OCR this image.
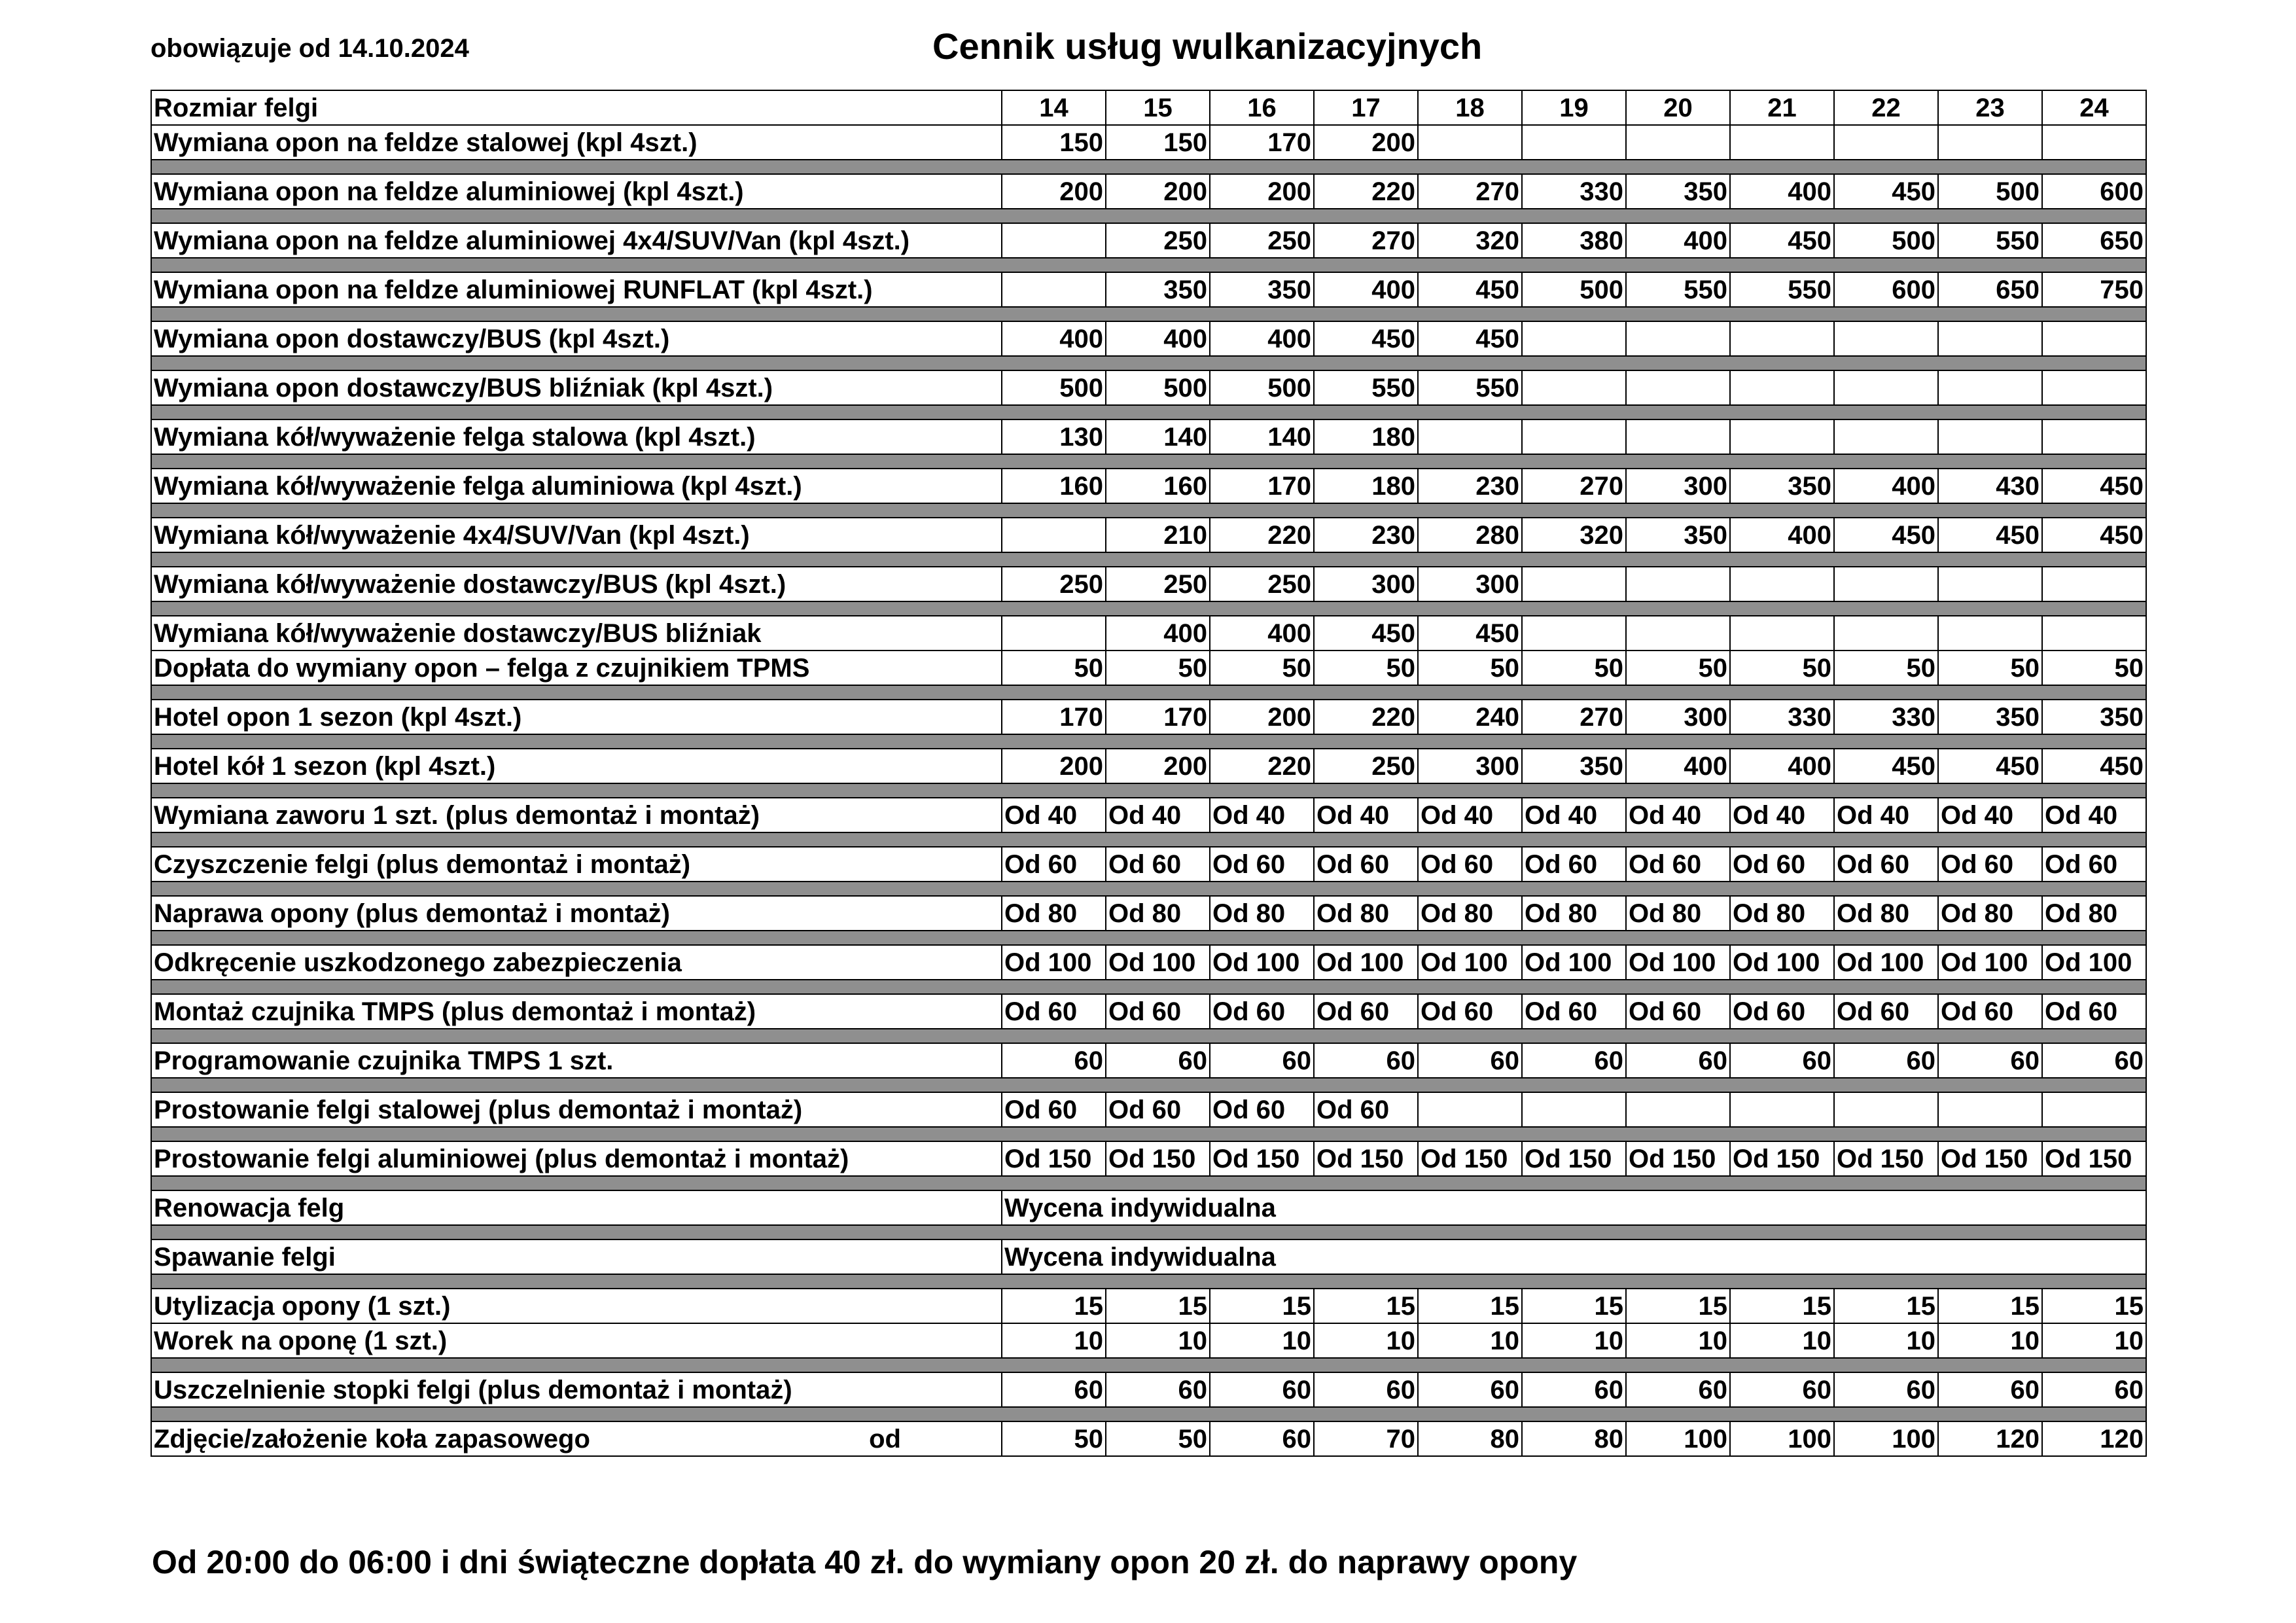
obowiązuje od 14.10.2024	Cennik usług wulkanizacyjnych
Rozmiar felgi	14	15	16	17	18	19	20	21	22	23	24
Wymiana opon na feldze stalowej (kpl 4szt.)	150	150	170	200							

Wymiana opon na feldze aluminiowej (kpl 4szt.)	200	200	200	220	270	330	350	400	450	500	600

Wymiana opon na feldze aluminiowej 4x4/SUV/Van (kpl 4szt.)		250	250	270	320	380	400	450	500	550	650

Wymiana opon na feldze aluminiowej RUNFLAT (kpl 4szt.)		350	350	400	450	500	550	550	600	650	750

Wymiana opon dostawczy/BUS (kpl 4szt.)	400	400	400	450	450						

Wymiana opon dostawczy/BUS bliźniak (kpl 4szt.)	500	500	500	550	550						

Wymiana kół/wyważenie felga stalowa (kpl 4szt.)	130	140	140	180							

Wymiana kół/wyważenie felga aluminiowa (kpl 4szt.)	160	160	170	180	230	270	300	350	400	430	450

Wymiana kół/wyważenie 4x4/SUV/Van (kpl 4szt.)		210	220	230	280	320	350	400	450	450	450

Wymiana kół/wyważenie dostawczy/BUS (kpl 4szt.)	250	250	250	300	300						

Wymiana kół/wyważenie dostawczy/BUS bliźniak		400	400	450	450						
Dopłata do wymiany opon – felga z czujnikiem TPMS	50	50	50	50	50	50	50	50	50	50	50

Hotel opon 1 sezon (kpl 4szt.)	170	170	200	220	240	270	300	330	330	350	350

Hotel kół 1 sezon (kpl 4szt.)	200	200	220	250	300	350	400	400	450	450	450

Wymiana zaworu 1 szt. (plus demontaż i montaż)	Od 40	Od 40	Od 40	Od 40	Od 40	Od 40	Od 40	Od 40	Od 40	Od 40	Od 40

Czyszczenie felgi (plus demontaż i montaż)	Od 60	Od 60	Od 60	Od 60	Od 60	Od 60	Od 60	Od 60	Od 60	Od 60	Od 60

Naprawa opony (plus demontaż i montaż)	Od 80	Od 80	Od 80	Od 80	Od 80	Od 80	Od 80	Od 80	Od 80	Od 80	Od 80

Odkręcenie uszkodzonego zabezpieczenia	Od 100	Od 100	Od 100	Od 100	Od 100	Od 100	Od 100	Od 100	Od 100	Od 100	Od 100

Montaż czujnika TMPS (plus demontaż i montaż)	Od 60	Od 60	Od 60	Od 60	Od 60	Od 60	Od 60	Od 60	Od 60	Od 60	Od 60

Programowanie czujnika TMPS 1 szt.	60	60	60	60	60	60	60	60	60	60	60

Prostowanie felgi stalowej (plus demontaż i montaż)	Od 60	Od 60	Od 60	Od 60							

Prostowanie felgi aluminiowej (plus demontaż i montaż)	Od 150	Od 150	Od 150	Od 150	Od 150	Od 150	Od 150	Od 150	Od 150	Od 150	Od 150

Renowacja felg	Wycena indywidualna										

Spawanie felgi	Wycena indywidualna										

Utylizacja opony (1 szt.)	15	15	15	15	15	15	15	15	15	15	15
Worek na oponę (1 szt.)	10	10	10	10	10	10	10	10	10	10	10

Uszczelnienie stopki felgi (plus demontaż i montaż)	60	60	60	60	60	60	60	60	60	60	60

Zdjęcie/założenie koła zapasowego od	50	50	60	70	80	80	100	100	100	120	120
Od 20:00 do 06:00 i dni świąteczne dopłata 40 zł. do wymiany opon 20 zł. do naprawy opony
